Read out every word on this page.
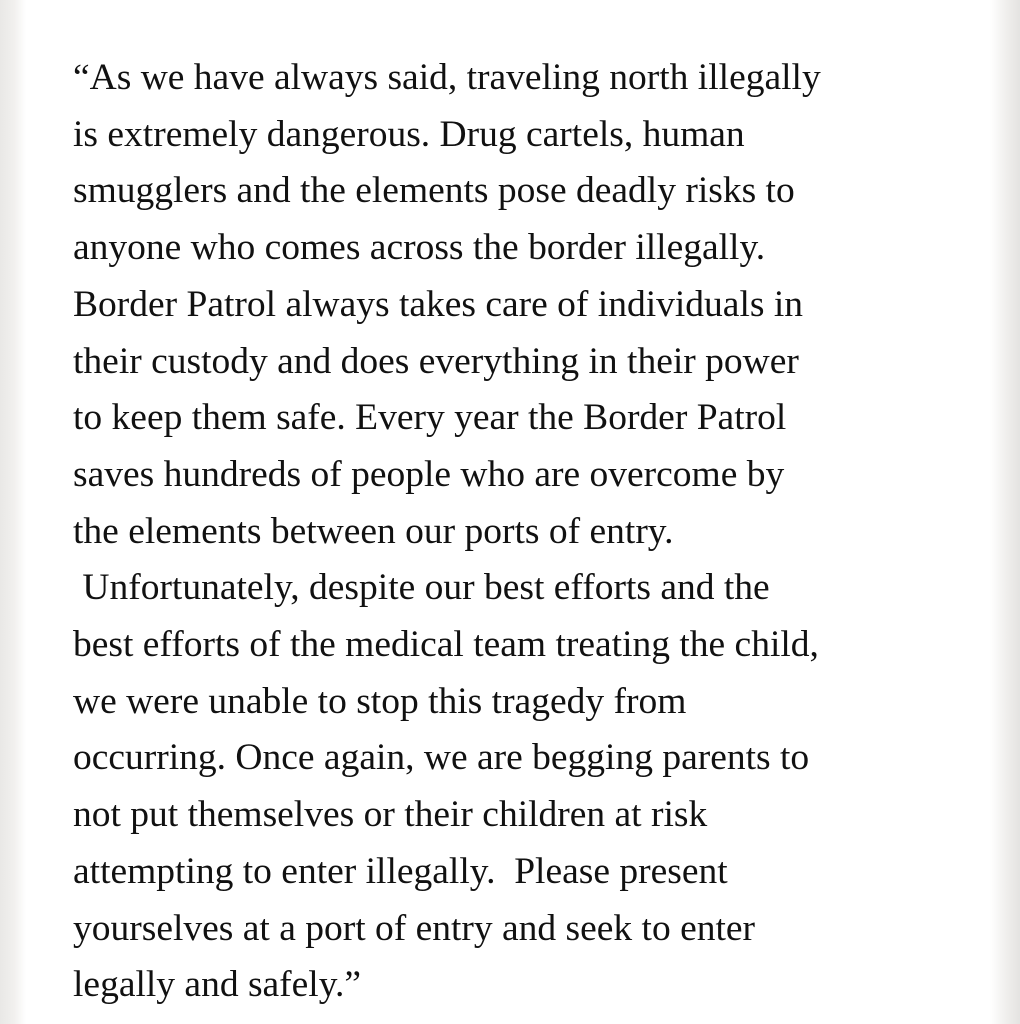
“As we have always said, traveling north illegally
is extremely dangerous. Drug cartels, human
smugglers and the elements pose deadly risks to
anyone who comes across the border illegally.
Border Patrol always takes care of individuals in
their custody and does everything in their power
to keep them safe. Every year the Border Patrol
saves hundreds of people who are overcome by
the elements between our ports of entry.
Unfortunately, despite our best efforts and the
best efforts of the medical team treating the child,
we were unable to stop this tragedy from
occurring. Once again, we are begging parents to
not put themselves or their children at risk
attempting to enter illegally.  Please present
yourselves at a port of entry and seek to enter
legally and safely.”
